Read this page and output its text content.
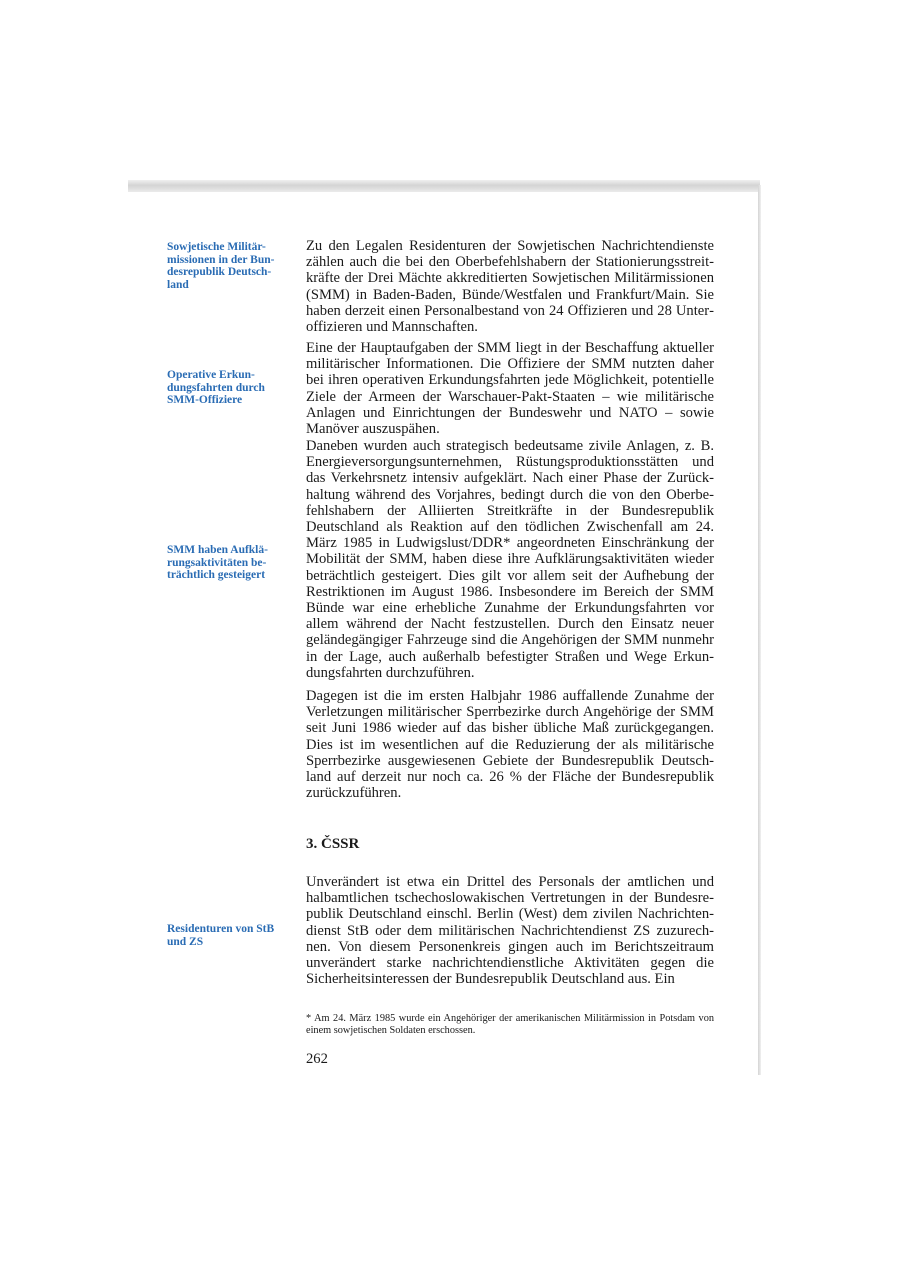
Sowjetische Militär-missionen in der Bun-desrepublik Deutsch-land
Operative Erkun-dungsfahrten durch SMM-Offiziere
SMM haben Aufklä-rungsaktivitäten be-trächtlich gesteigert
Residenturen von StB und ZS

Zu den Legalen Residenturen der Sowjetischen Nachrichtendienste zählen auch die bei den Oberbefehlshabern der Stationierungsstreitkräfte der Drei Mächte akkreditierten Sowjetischen Militärmissionen (SMM) in Baden-Baden, Bünde/Westfalen und Frankfurt/Main. Sie haben derzeit einen Personalbestand von 24 Offizieren und 28 Unteroffizieren und Mannschaften.

Eine der Hauptaufgaben der SMM liegt in der Beschaffung aktueller militärischer Informationen. Die Offiziere der SMM nutzten daher bei ihren operativen Erkundungsfahrten jede Möglichkeit, potentielle Ziele der Armeen der Warschauer-Pakt-Staaten – wie militärische Anlagen und Einrichtungen der Bundeswehr und NATO – sowie Manöver auszuspähen.

Daneben wurden auch strategisch bedeutsame zivile Anlagen, z. B. Energieversorgungsunternehmen, Rüstungsproduktionsstätten und das Verkehrsnetz intensiv aufgeklärt. Nach einer Phase der Zurückhaltung während des Vorjahres, bedingt durch die von den Oberbefehlshabern der Alliierten Streitkräfte in der Bundesrepublik Deutschland als Reaktion auf den tödlichen Zwischenfall am 24. März 1985 in Ludwigslust/DDR* angeordneten Einschränkung der Mobilität der SMM, haben diese ihre Aufklärungsaktivitäten wieder beträchtlich gesteigert. Dies gilt vor allem seit der Aufhebung der Restriktionen im August 1986. Insbesondere im Bereich der SMM Bünde war eine erhebliche Zunahme der Erkundungsfahrten vor allem während der Nacht festzustellen. Durch den Einsatz neuer geländegängiger Fahrzeuge sind die Angehörigen der SMM nunmehr in der Lage, auch außerhalb befestigter Straßen und Wege Erkundungsfahrten durchzuführen.

Dagegen ist die im ersten Halbjahr 1986 auffallende Zunahme der Verletzungen militärischer Sperrbezirke durch Angehörige der SMM seit Juni 1986 wieder auf das bisher übliche Maß zurückgegangen. Dies ist im wesentlichen auf die Reduzierung der als militärische Sperrbezirke ausgewiesenen Gebiete der Bundesrepublik Deutschland auf derzeit nur noch ca. 26 % der Fläche der Bundesrepublik zurückzuführen.

3. ČSSR

Unverändert ist etwa ein Drittel des Personals der amtlichen und halbamtlichen tschechoslowakischen Vertretungen in der Bundesrepublik Deutschland einschl. Berlin (West) dem zivilen Nachrichtendienst StB oder dem militärischen Nachrichtendienst ZS zuzurechnen. Von diesem Personenkreis gingen auch im Berichtszeitraum unverändert starke nachrichtendienstliche Aktivitäten gegen die Sicherheitsinteressen der Bundesrepublik Deutschland aus. Ein

* Am 24. März 1985 wurde ein Angehöriger der amerikanischen Militärmission in Potsdam von einem sowjetischen Soldaten erschossen.

262
